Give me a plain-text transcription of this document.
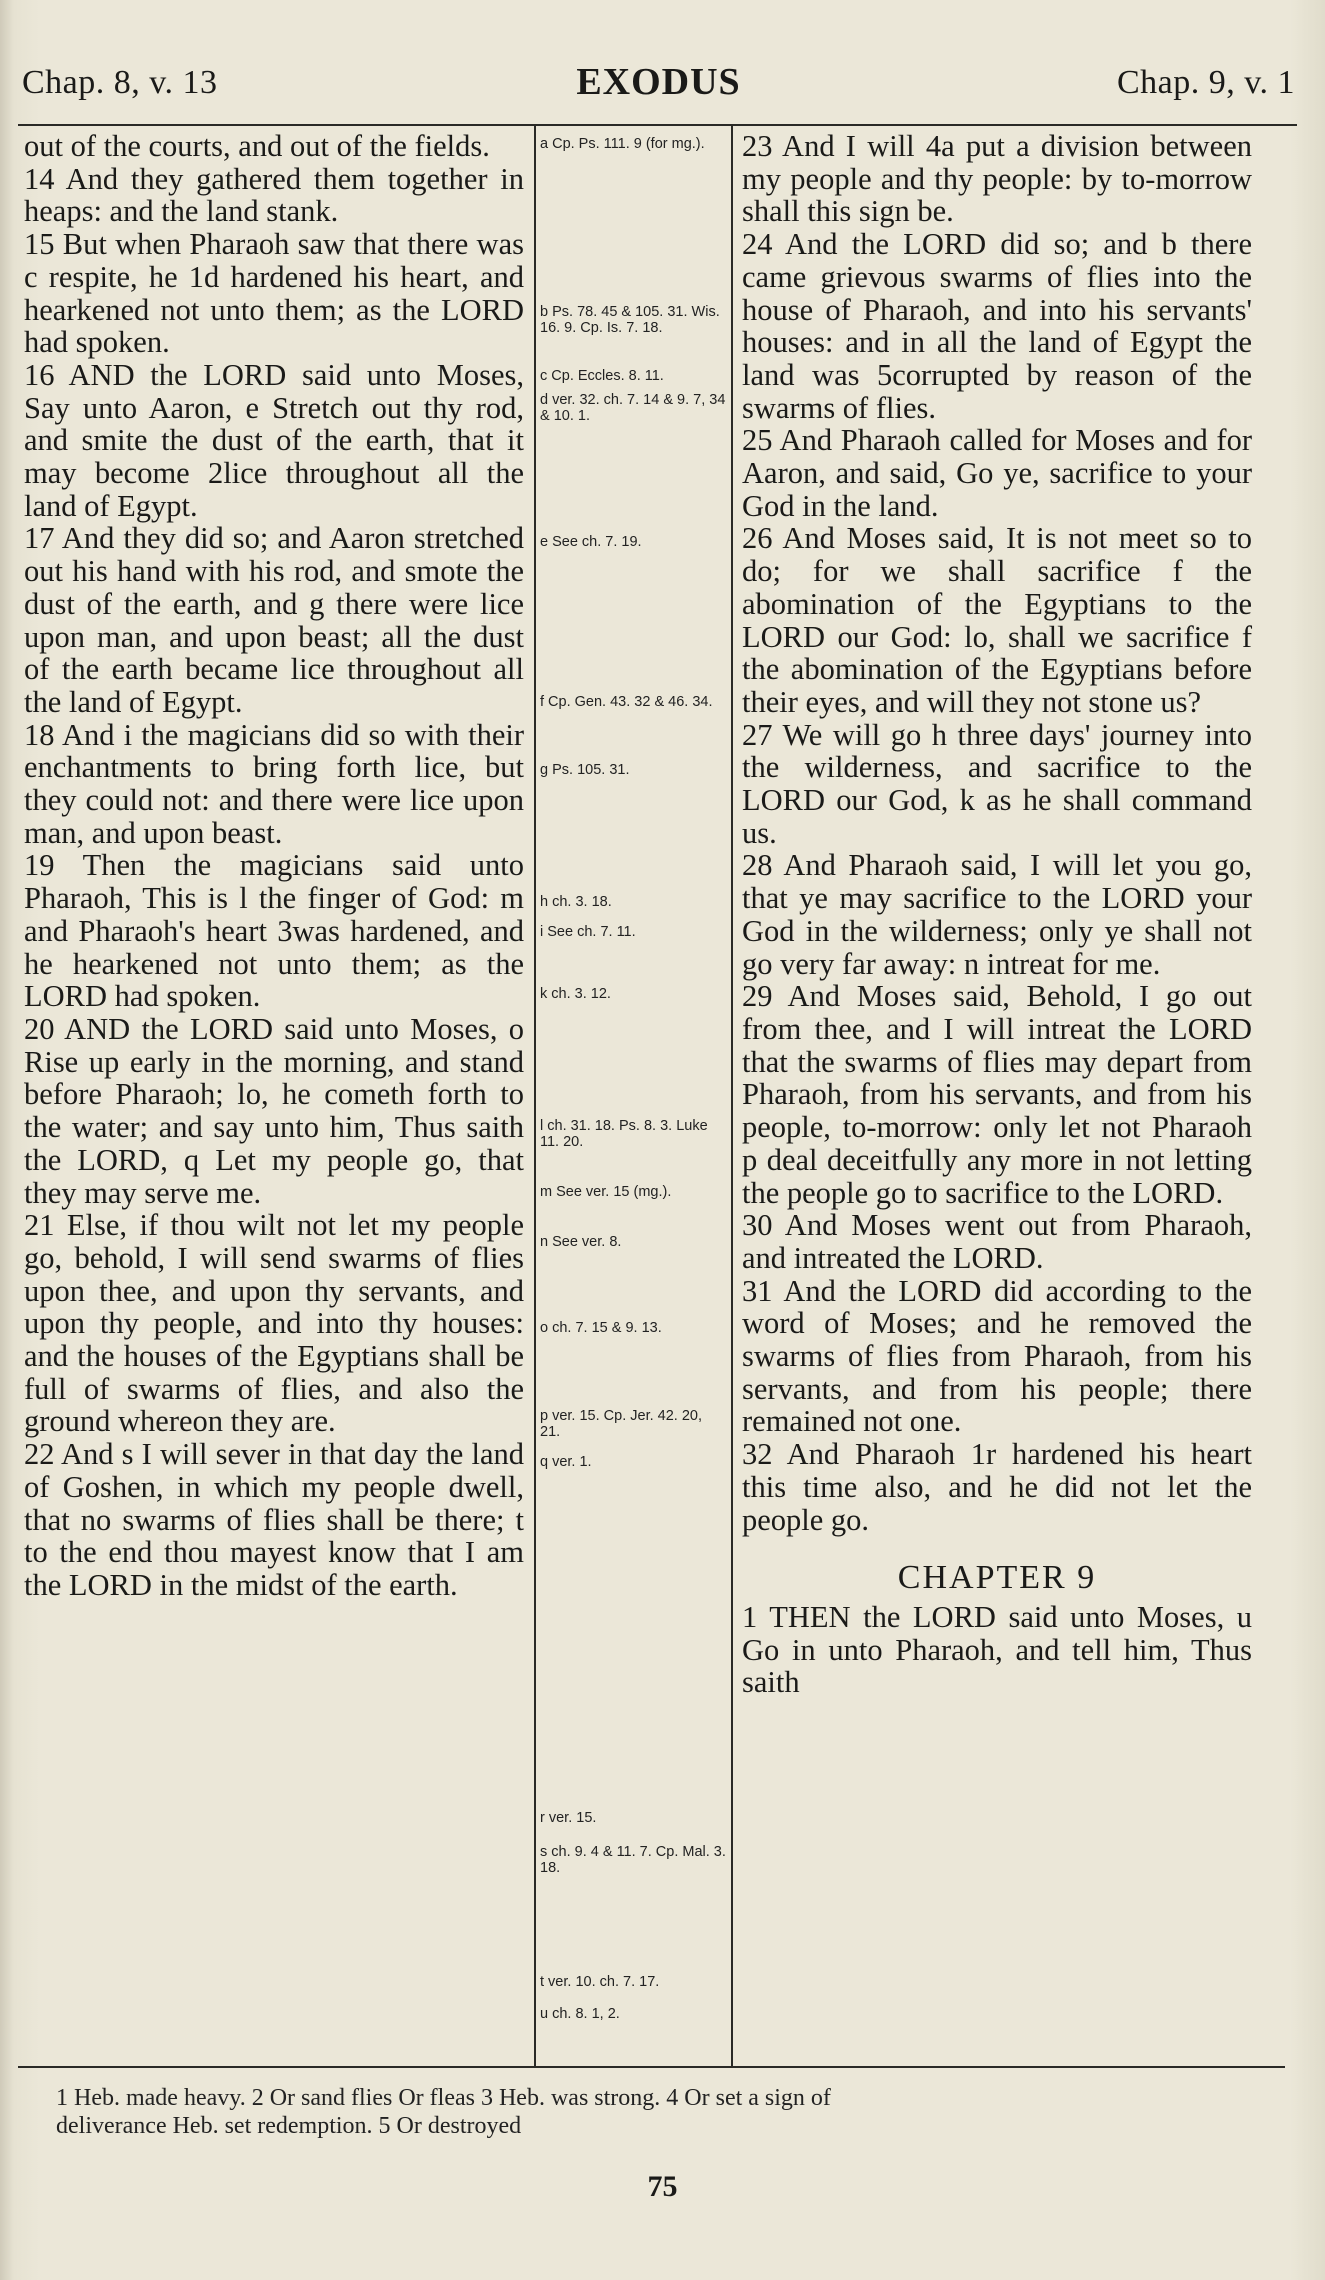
Chap. 8, v. 13	EXODUS	Chap. 9, v. 1

out of the courts, and out of the fields.

14 And they gathered them together in heaps: and the land stank.

15 But when Pharaoh saw that there was c respite, he 1d hardened his heart, and hearkened not unto them; as the LORD had spoken.

16 AND the LORD said unto Moses, Say unto Aaron, e Stretch out thy rod, and smite the dust of the earth, that it may become 2lice throughout all the land of Egypt.

17 And they did so; and Aaron stretched out his hand with his rod, and smote the dust of the earth, and g there were lice upon man, and upon beast; all the dust of the earth became lice throughout all the land of Egypt.

18 And i the magicians did so with their enchantments to bring forth lice, but they could not: and there were lice upon man, and upon beast.

19 Then the magicians said unto Pharaoh, This is l the finger of God: m and Pharaoh's heart 3was hardened, and he hearkened not unto them; as the LORD had spoken.

20 AND the LORD said unto Moses, o Rise up early in the morning, and stand before Pharaoh; lo, he cometh forth to the water; and say unto him, Thus saith the LORD, q Let my people go, that they may serve me.

21 Else, if thou wilt not let my people go, behold, I will send swarms of flies upon thee, and upon thy servants, and upon thy people, and into thy houses: and the houses of the Egyptians shall be full of swarms of flies, and also the ground whereon they are.

22 And s I will sever in that day the land of Goshen, in which my people dwell, that no swarms of flies shall be there; t to the end thou mayest know that I am the LORD in the midst of the earth.

a Cp. Ps. 111. 9 (for mg.).
b Ps. 78. 45 & 105. 31. Wis. 16. 9. Cp. Is. 7. 18.
c Cp. Eccles. 8. 11.
d ver. 32. ch. 7. 14 & 9. 7, 34 & 10. 1.
e See ch. 7. 19.
f Cp. Gen. 43. 32 & 46. 34.
g Ps. 105. 31.
h ch. 3. 18.
i See ch. 7. 11.
k ch. 3. 12.
l ch. 31. 18. Ps. 8. 3. Luke 11. 20.
m See ver. 15 (mg.).
n See ver. 8.
o ch. 7. 15 & 9. 13.
p ver. 15. Cp. Jer. 42. 20, 21.
q ver. 1.
r ver. 15.
s ch. 9. 4 & 11. 7. Cp. Mal. 3. 18.
t ver. 10. ch. 7. 17.
u ch. 8. 1, 2.

23 And I will 4a put a division between my people and thy people: by to-morrow shall this sign be.

24 And the LORD did so; and b there came grievous swarms of flies into the house of Pharaoh, and into his servants' houses: and in all the land of Egypt the land was 5corrupted by reason of the swarms of flies.

25 And Pharaoh called for Moses and for Aaron, and said, Go ye, sacrifice to your God in the land.

26 And Moses said, It is not meet so to do; for we shall sacrifice f the abomination of the Egyptians to the LORD our God: lo, shall we sacrifice f the abomination of the Egyptians before their eyes, and will they not stone us?

27 We will go h three days' journey into the wilderness, and sacrifice to the LORD our God, k as he shall command us.

28 And Pharaoh said, I will let you go, that ye may sacrifice to the LORD your God in the wilderness; only ye shall not go very far away: n intreat for me.

29 And Moses said, Behold, I go out from thee, and I will intreat the LORD that the swarms of flies may depart from Pharaoh, from his servants, and from his people, to-morrow: only let not Pharaoh p deal deceitfully any more in not letting the people go to sacrifice to the LORD.

30 And Moses went out from Pharaoh, and intreated the LORD.

31 And the LORD did according to the word of Moses; and he removed the swarms of flies from Pharaoh, from his servants, and from his people; there remained not one.

32 And Pharaoh 1r hardened his heart this time also, and he did not let the people go.

CHAPTER 9

1 THEN the LORD said unto Moses, u Go in unto Pharaoh, and tell him, Thus saith

1 Heb. made heavy. 2 Or sand flies Or fleas 3 Heb. was strong. 4 Or set a sign of
deliverance Heb. set redemption. 5 Or destroyed
75
